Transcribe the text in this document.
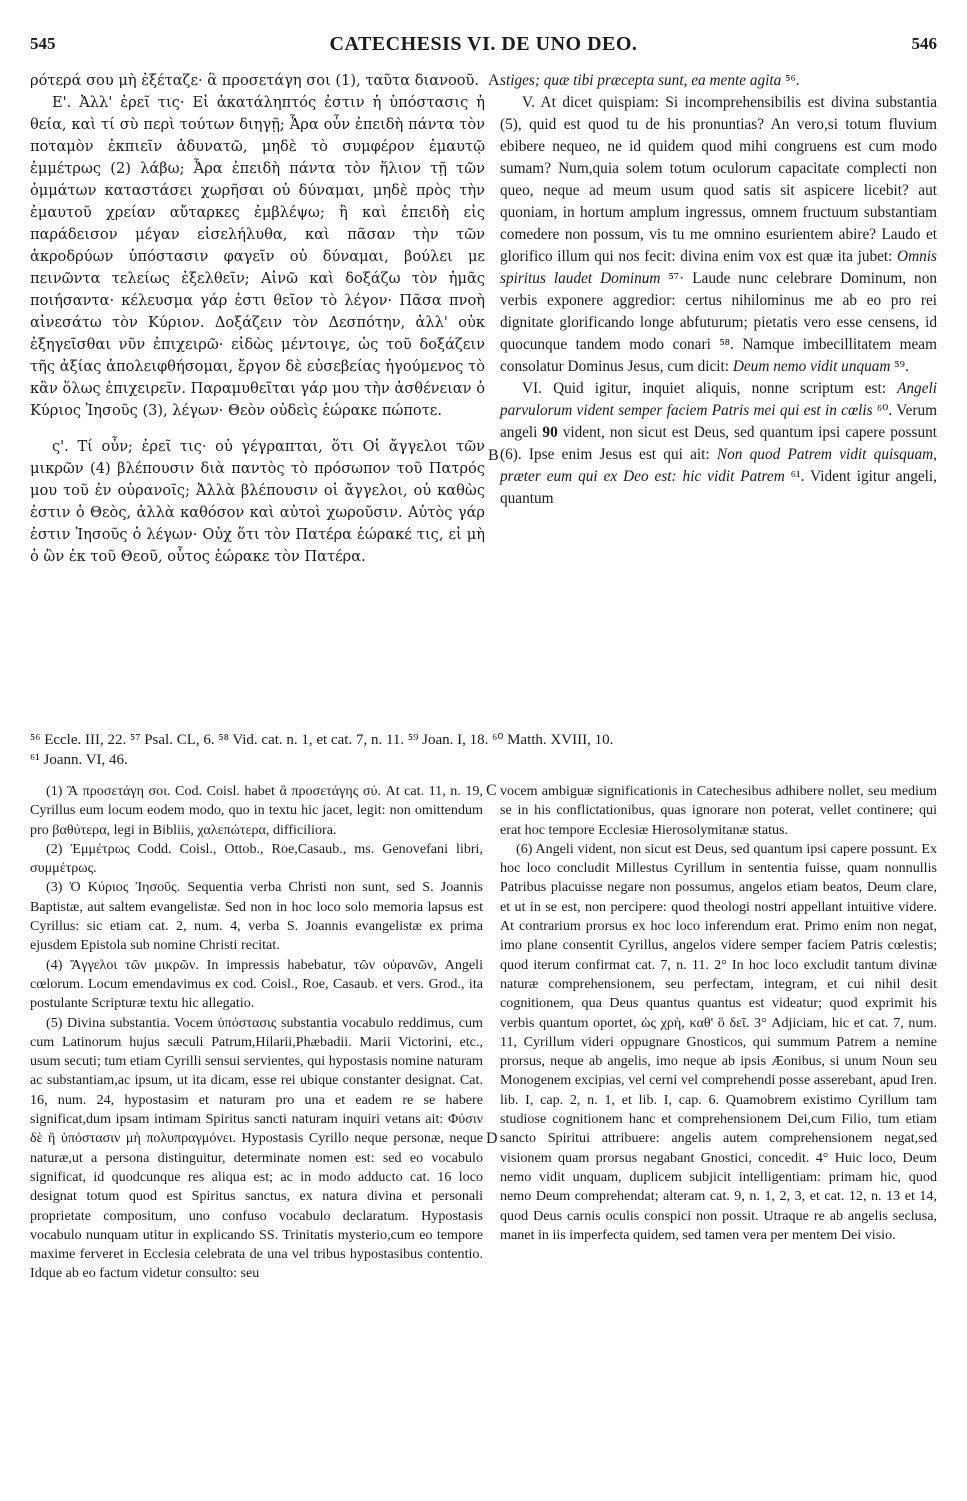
545	CATECHESIS VI. DE UNO DEO.	546

ρότερά σου μὴ ἐξέταζε· ἃ προσετάγη σοι (1), ταῦτα διανοοῦ.

Ε'. Ἀλλ' ἐρεῖ τις· Εἰ ἀκατάληπτός ἐστιν ἡ ὑπόστασις ἡ θεία, καὶ τί σὺ περὶ τούτων διηγῇ; Ἆρα οὖν ἐπειδὴ πάντα τὸν ποταμὸν ἐκπιεῖν ἀδυνατῶ, μηδὲ τὸ συμφέρον ἐμαυτῷ ἐμμέτρως (2) λάβω; Ἆρα ἐπειδὴ πάντα τὸν ἥλιον τῇ τῶν ὀμμάτων καταστάσει χωρῆσαι οὐ δύναμαι, μηδὲ πρὸς τὴν ἐμαυτοῦ χρείαν αὔταρκες ἐμβλέψω; ἢ καὶ ἐπειδὴ εἰς παράδεισον μέγαν εἰσελήλυθα, καὶ πᾶσαν τὴν τῶν ἀκροδρύων ὑπόστασιν φαγεῖν οὐ δύναμαι, βούλει με πεινῶντα τελείως ἐξελθεῖν; Αἰνῶ καὶ δοξάζω τὸν ἡμᾶς ποιήσαντα· κέλευσμα γάρ ἐστι θεῖον τὸ λέγον· Πᾶσα πνοὴ αἰνεσάτω τὸν Κύριον. Δοξάζειν τὸν Δεσπότην, ἀλλ' οὐκ ἐξηγεῖσθαι νῦν ἐπιχειρῶ· εἰδὼς μέντοιγε, ὡς τοῦ δοξάζειν τῆς ἀξίας ἀπολειφθήσομαι, ἔργον δὲ εὐσεβείας ἡγούμενος τὸ κἂν ὅλως ἐπιχειρεῖν. Παραμυθεῖται γάρ μου τὴν ἀσθένειαν ὁ Κύριος Ἰησοῦς (3), λέγων· Θεὸν οὐδεὶς ἑώρακε πώποτε.

ς'. Τί οὖν; ἐρεῖ τις· οὐ γέγραπται, ὅτι Οἱ ἄγγελοι τῶν μικρῶν (4) βλέπουσιν διὰ παντὸς τὸ πρόσωπον τοῦ Πατρός μου τοῦ ἐν οὐρανοῖς; Ἀλλὰ βλέπουσιν οἱ ἄγγελοι, οὐ καθὼς ἐστιν ὁ Θεὸς, ἀλλὰ καθόσον καὶ αὐτοὶ χωροῦσιν. Αὐτὸς γάρ ἐστιν Ἰησοῦς ὁ λέγων· Οὐχ ὅτι τὸν Πατέρα ἑώρακέ τις, εἰ μὴ ὁ ὢν ἐκ τοῦ Θεοῦ, οὗτος ἑώρακε τὸν Πατέρα.

A
B

stiges; quæ tibi præcepta sunt, ea mente agita ⁵⁶.

V. At dicet quispiam: Si incomprehensibilis est divina substantia (5), quid est quod tu de his pronuntias? An vero,si totum fluvium ebibere nequeo, ne id quidem quod mihi congruens est cum modo sumam? Num,quia solem totum oculorum capacitate complecti non queo, neque ad meum usum quod satis sit aspicere licebit? aut quoniam, in hortum amplum ingressus, omnem fructuum substantiam comedere non possum, vis tu me omnino esurientem abire? Laudo et glorifico illum qui nos fecit: divina enim vox est quæ ita jubet: Omnis spiritus laudet Dominum ⁵⁷· Laude nunc celebrare Dominum, non verbis exponere aggredior: certus nihilominus me ab eo pro rei dignitate glorificando longe abfuturum; pietatis vero esse censens, id quocunque tandem modo conari ⁵⁸. Namque imbecillitatem meam consolatur Dominus Jesus, cum dicit: Deum nemo vidit unquam ⁵⁹.

VI. Quid igitur, inquiet aliquis, nonne scriptum est: Angeli parvulorum vident semper faciem Patris mei qui est in cœlis ⁶⁰. Verum angeli 90 vident, non sicut est Deus, sed quantum ipsi capere possunt (6). Ipse enim Jesus est qui ait: Non quod Patrem vidit quisquam, præter eum qui ex Deo est: hic vidit Patrem ⁶¹. Vident igitur angeli, quantum

⁵⁶ Eccle. III, 22. ⁵⁷ Psal. CL, 6. ⁵⁸ Vid. cat. n. 1, et cat. 7, n. 11. ⁵⁹ Joan. I, 18. ⁶⁰ Matth. XVIII, 10.
⁶¹ Joann. VI, 46.

(1) Ἃ προσετάγη σοι. Cod. Coisl. habet ἃ προσετάγης σύ. At cat. 11, n. 19, Cyrillus eum locum eodem modo, quo in textu hic jacet, legit: non omittendum pro βαθύτερα, legi in Bibliis, χαλεπώτερα, difficiliora.

(2) Ἐμμέτρως Codd. Coisl., Ottob., Roe,Casaub., ms. Genovefani libri, συμμέτρως.

(3) Ὁ Κύριος Ἰησοῦς. Sequentia verba Christi non sunt, sed S. Joannis Baptistæ, aut saltem evangelistæ. Sed non in hoc loco solo memoria lapsus est Cyrillus: sic etiam cat. 2, num. 4, verba S. Joannis evangelistæ ex prima ejusdem Epistola sub nomine Christi recitat.

(4) Ἄγγελοι τῶν μικρῶν. In impressis habebatur, τῶν οὐρανῶν, Angeli cœlorum. Locum emendavimus ex cod. Coisl., Roe, Casaub. et vers. Grod., ita postulante Scripturæ textu hic allegatio.

(5) Divina substantia. Vocem ὑπόστασις substantia vocabulo reddimus, cum cum Latinorum hujus sæculi Patrum,Hilarii,Phæbadii. Marii Victorini, etc., usum secuti; tum etiam Cyrilli sensui servientes, qui hypostasis nomine naturam ac substantiam,ac ipsum, ut ita dicam, esse rei ubique constanter designat. Cat. 16, num. 24, hypostasim et naturam pro una et eadem re se habere significat,dum ipsam intimam Spiritus sancti naturam inquiri vetans ait: Φύσιν δὲ ἢ ὑπόστασιν μὴ πολυπραγμόνει. Hypostasis Cyrillo neque personæ, neque naturæ,ut a persona distinguitur, determinate nomen est: sed eo vocabulo significat, id quodcunque res aliqua est; ac in modo adducto cat. 16 loco designat totum quod est Spiritus sanctus, ex natura divina et personali proprietate compositum, uno confuso vocabulo declaratum. Hypostasis vocabulo nunquam utitur in explicando SS. Trinitatis mysterio,cum eo tempore maxime ferveret in Ecclesia celebrata de una vel tribus hypostasibus contentio. Idque ab eo factum videtur consulto: seu

C
D

vocem ambiguæ significationis in Catechesibus adhibere nollet, seu medium se in his conflictationibus, quas ignorare non poterat, vellet continere; qui erat hoc tempore Ecclesiæ Hierosolymitanæ status.

(6) Angeli vident, non sicut est Deus, sed quantum ipsi capere possunt. Ex hoc loco concludit Millestus Cyrillum in sententia fuisse, quam nonnullis Patribus placuisse negare non possumus, angelos etiam beatos, Deum clare, et ut in se est, non percipere: quod theologi nostri appellant intuitive videre. At contrarium prorsus ex hoc loco inferendum erat. Primo enim non negat, imo plane consentit Cyrillus, angelos videre semper faciem Patris cœlestis; quod iterum confirmat cat. 7, n. 11. 2° In hoc loco excludit tantum divinæ naturæ comprehensionem, seu perfectam, integram, et cui nihil desit cognitionem, qua Deus quantus quantus est videatur; quod exprimit his verbis quantum oportet, ὡς χρὴ, καθ' ὃ δεῖ. 3° Adjiciam, hic et cat. 7, num. 11, Cyrillum videri oppugnare Gnosticos, qui summum Patrem a nemine prorsus, neque ab angelis, imo neque ab ipsis Æonibus, si unum Noun seu Monogenem excipias, vel cerni vel comprehendi posse asserebant, apud Iren. lib. I, cap. 2, n. 1, et lib. I, cap. 6. Quamobrem existimo Cyrillum tam studiose cognitionem hanc et comprehensionem Dei,cum Filio, tum etiam sancto Spiritui attribuere: angelis autem comprehensionem negat,sed visionem quam prorsus negabant Gnostici, concedit. 4° Huic loco, Deum nemo vidit unquam, duplicem subjicit intelligentiam: primam hic, quod nemo Deum comprehendat; alteram cat. 9, n. 1, 2, 3, et cat. 12, n. 13 et 14, quod Deus carnis oculis conspici non possit. Utraque re ab angelis seclusa, manet in iis imperfecta quidem, sed tamen vera per mentem Dei visio.
